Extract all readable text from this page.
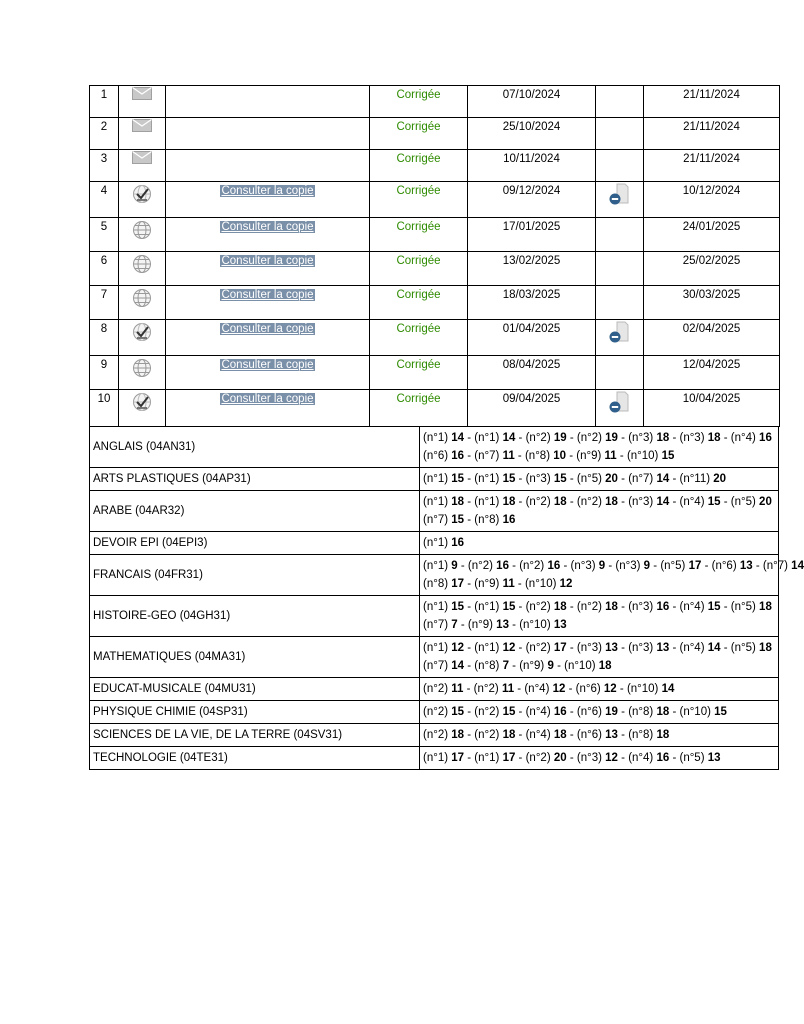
1			Corrigée	07/10/2024		21/11/2024

2			Corrigée	25/10/2024		21/11/2024

3			Corrigée	10/11/2024		21/11/2024

4		Consulter la copie	Corrigée	09/12/2024		10/12/2024

5		Consulter la copie	Corrigée	17/01/2025		24/01/2025

6		Consulter la copie	Corrigée	13/02/2025		25/02/2025

7		Consulter la copie	Corrigée	18/03/2025		30/03/2025

8		Consulter la copie	Corrigée	01/04/2025		02/04/2025

9		Consulter la copie	Corrigée	08/04/2025		12/04/2025

10		Consulter la copie	Corrigée	09/04/2025		10/04/2025
ANGLAIS (04AN31)	(n°1) 14 - (n°1) 14 - (n°2) 19 - (n°2) 19 - (n°3) 18 - (n°3) 18 - (n°4) 16
(n°6) 16 - (n°7) 11 - (n°8) 10 - (n°9) 11 - (n°10) 15

ARTS PLASTIQUES (04AP31)	(n°1) 15 - (n°1) 15 - (n°3) 15 - (n°5) 20 - (n°7) 14 - (n°11) 20

ARABE (04AR32)	(n°1) 18 - (n°1) 18 - (n°2) 18 - (n°2) 18 - (n°3) 14 - (n°4) 15 - (n°5) 20
(n°7) 15 - (n°8) 16

DEVOIR EPI (04EPI3)	(n°1) 16

FRANCAIS (04FR31)	(n°1) 9 - (n°2) 16 - (n°2) 16 - (n°3) 9 - (n°3) 9 - (n°5) 17 - (n°6) 13 - (n°7) 14
(n°8) 17 - (n°9) 11 - (n°10) 12

HISTOIRE-GEO (04GH31)	(n°1) 15 - (n°1) 15 - (n°2) 18 - (n°2) 18 - (n°3) 16 - (n°4) 15 - (n°5) 18
(n°7) 7 - (n°9) 13 - (n°10) 13

MATHEMATIQUES (04MA31)	(n°1) 12 - (n°1) 12 - (n°2) 17 - (n°3) 13 - (n°3) 13 - (n°4) 14 - (n°5) 18
(n°7) 14 - (n°8) 7 - (n°9) 9 - (n°10) 18

EDUCAT-MUSICALE (04MU31)	(n°2) 11 - (n°2) 11 - (n°4) 12 - (n°6) 12 - (n°10) 14

PHYSIQUE CHIMIE (04SP31)	(n°2) 15 - (n°2) 15 - (n°4) 16 - (n°6) 19 - (n°8) 18 - (n°10) 15

SCIENCES DE LA VIE, DE LA TERRE (04SV31)	(n°2) 18 - (n°2) 18 - (n°4) 18 - (n°6) 13 - (n°8) 18

TECHNOLOGIE (04TE31)	(n°1) 17 - (n°1) 17 - (n°2) 20 - (n°3) 12 - (n°4) 16 - (n°5) 13
